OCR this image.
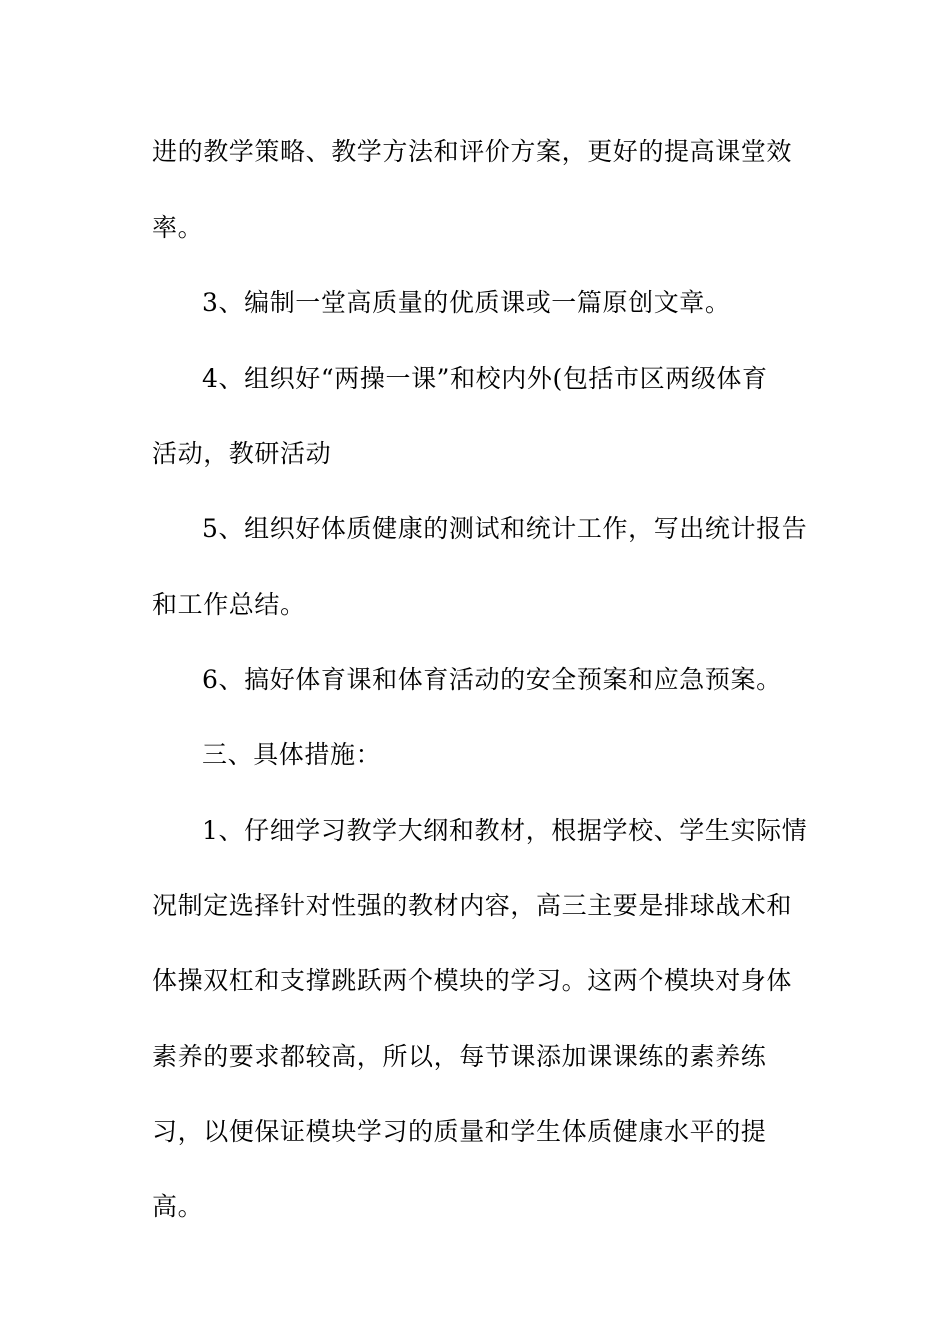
进的教学策略、教学方法和评价方案，更好的提高课堂效
率。
3、编制一堂高质量的优质课或一篇原创文章。
4、组织好“两操一课”和校内外(包括市区两级体育
活动，教研活动
5、组织好体质健康的测试和统计工作，写出统计报告
和工作总结。
6、搞好体育课和体育活动的安全预案和应急预案。
三、具体措施：
1、仔细学习教学大纲和教材，根据学校、学生实际情
况制定选择针对性强的教材内容，高三主要是排球战术和
体操双杠和支撑跳跃两个模块的学习。这两个模块对身体
素养的要求都较高，所以，每节课添加课课练的素养练
习，以便保证模块学习的质量和学生体质健康水平的提
高。
